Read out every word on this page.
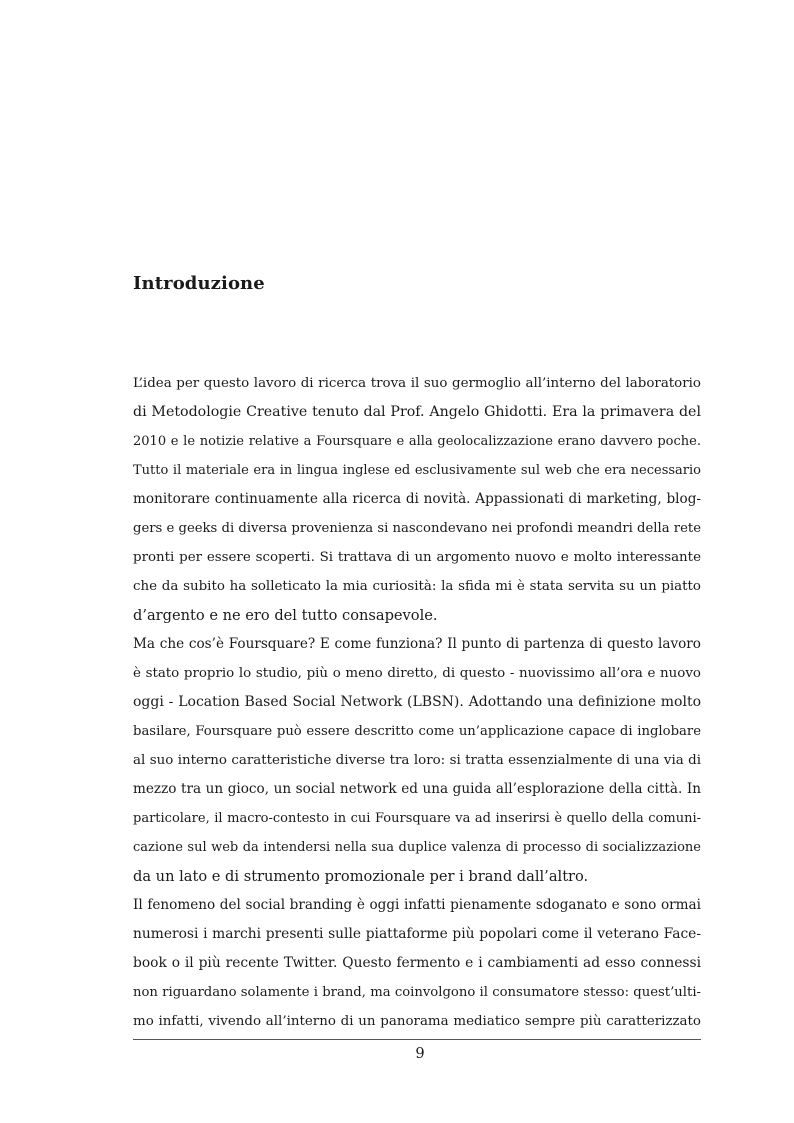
Introduzione

L’idea per questo lavoro di ricerca trova il suo germoglio all’interno del laboratorio
di Metodologie Creative tenuto dal Prof. Angelo Ghidotti. Era la primavera del
2010 e le notizie relative a Foursquare e alla geolocalizzazione erano davvero poche.
Tutto il materiale era in lingua inglese ed esclusivamente sul web che era necessario
monitorare continuamente alla ricerca di novità. Appassionati di marketing, blog-
gers e geeks di diversa provenienza si nascondevano nei profondi meandri della rete
pronti per essere scoperti. Si trattava di un argomento nuovo e molto interessante
che da subito ha solleticato la mia curiosità: la sfida mi è stata servita su un piatto
d’argento e ne ero del tutto consapevole.

Ma che cos’è Foursquare? E come funziona? Il punto di partenza di questo lavoro
è stato proprio lo studio, più o meno diretto, di questo - nuovissimo all’ora e nuovo
oggi - Location Based Social Network (LBSN). Adottando una definizione molto
basilare, Foursquare può essere descritto come un’applicazione capace di inglobare
al suo interno caratteristiche diverse tra loro: si tratta essenzialmente di una via di
mezzo tra un gioco, un social network ed una guida all’esplorazione della città. In
particolare, il macro-contesto in cui Foursquare va ad inserirsi è quello della comuni-
cazione sul web da intendersi nella sua duplice valenza di processo di socializzazione
da un lato e di strumento promozionale per i brand dall’altro.

Il fenomeno del social branding è oggi infatti pienamente sdoganato e sono ormai
numerosi i marchi presenti sulle piattaforme più popolari come il veterano Face-
book o il più recente Twitter. Questo fermento e i cambiamenti ad esso connessi
non riguardano solamente i brand, ma coinvolgono il consumatore stesso: quest’ulti-
mo infatti, vivendo all’interno di un panorama mediatico sempre più caratterizzato

9
